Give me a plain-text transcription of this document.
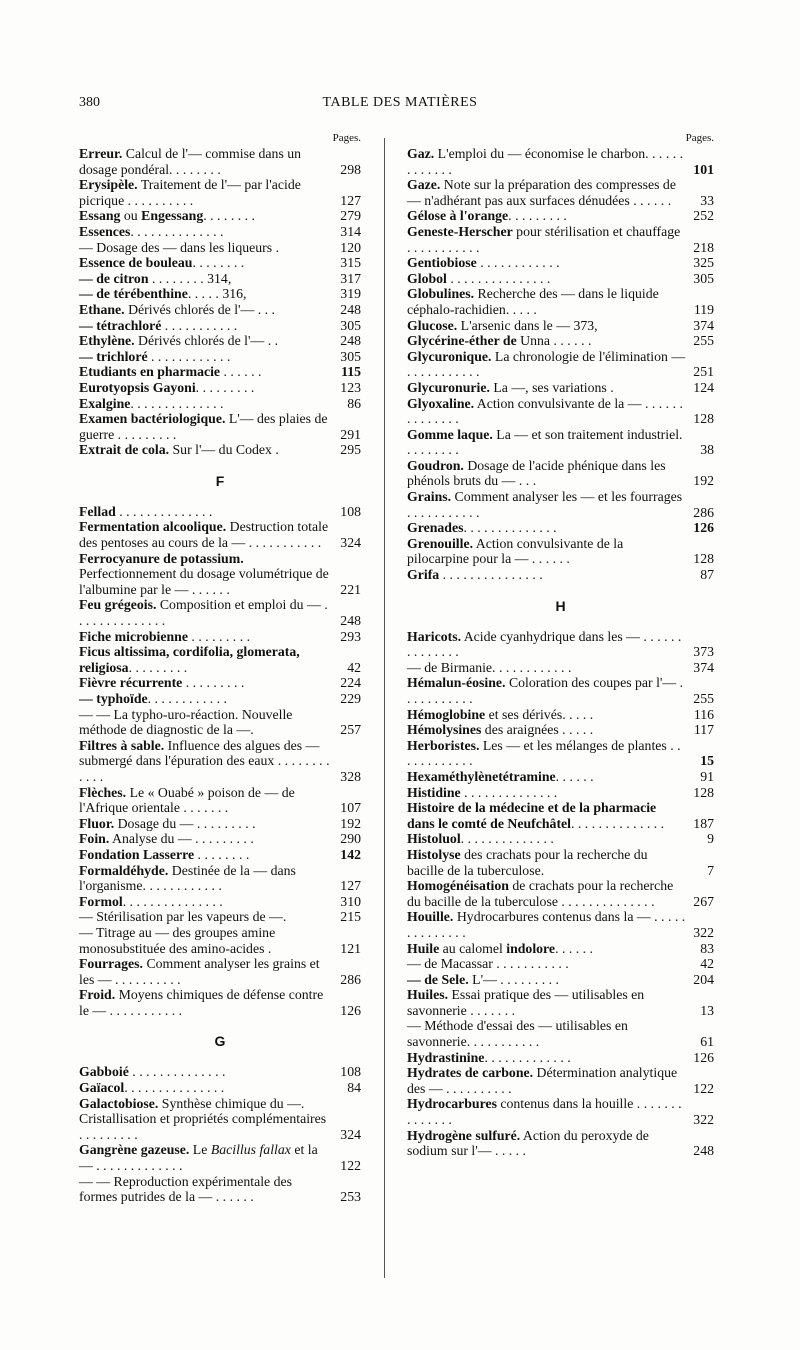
380	TABLE DES MATIÈRES
Pages.
Erreur. Calcul de l'— commise dans un dosage pondéral. . . . . . . .	298
Erysipèle. Traitement de l'— par l'acide picrique . . . . . . . . . .	127
Essang ou Engessang. . . . . . . .	279
Essences. . . . . . . . . . . . . .	314
— Dosage des — dans les liqueurs .	120
Essence de bouleau. . . . . . . .	315
— de citron . . . . . . . . 314,	317
— de térébenthine. . . . . 316,	319
Ethane. Dérivés chlorés de l'— . . .	248
— tétrachloré . . . . . . . . . . .	305
Ethylène. Dérivés chlorés de l'— . .	248
— trichloré . . . . . . . . . . . .	305
Etudiants en pharmacie . . . . . .	115
Eurotyopsis Gayoni. . . . . . . . .	123
Exalgine. . . . . . . . . . . . . .	86
Examen bactériologique. L'— des plaies de guerre . . . . . . . . .	291
Extrait de cola. Sur l'— du Codex .	295
F
Fellad . . . . . . . . . . . . . .	108
Fermentation alcoolique. Destruction totale des pentoses au cours de la — . . . . . . . . . . .	324
Ferrocyanure de potassium. Perfectionnement du dosage volumétrique de l'albumine par le — . . . . . .	221
Feu grégeois. Composition et emploi du — . . . . . . . . . . . . . .	248
Fiche microbienne . . . . . . . . .	293
Ficus altissima, cordifolia, glomerata, religiosa. . . . . . . . .	42
Fièvre récurrente . . . . . . . . .	224
— typhoïde. . . . . . . . . . . .	229
— — La typho-uro-réaction. Nouvelle méthode de diagnostic de la —.	257
Filtres à sable. Influence des algues des — submergé dans l'épuration des eaux . . . . . . . . . . . .	328
Flèches. Le « Ouabé » poison de — de l'Afrique orientale . . . . . . .	107
Fluor. Dosage du — . . . . . . . . .	192
Foin. Analyse du — . . . . . . . . .	290
Fondation Lasserre . . . . . . . .	142
Formaldéhyde. Destinée de la — dans l'organisme. . . . . . . . . . . .	127
Formol. . . . . . . . . . . . . . .	310
— Stérilisation par les vapeurs de —.	215
— Titrage au — des groupes amine monosubstituée des amino-acides .	121
Fourrages. Comment analyser les grains et les — . . . . . . . . . .	286
Froid. Moyens chimiques de défense contre le — . . . . . . . . . . .	126
G
Gabboié . . . . . . . . . . . . . .	108
Gaïacol. . . . . . . . . . . . . . .	84
Galactobiose. Synthèse chimique du —. Cristallisation et propriétés complémentaires . . . . . . . . .	324
Gangrène gazeuse. Le Bacillus fallax et la — . . . . . . . . . . . . .	122
— — Reproduction expérimentale des formes putrides de la — . . . . . .	253
Pages.
Gaz. L'emploi du — économise le charbon. . . . . . . . . . . . .	101
Gaze. Note sur la préparation des compresses de — n'adhérant pas aux surfaces dénudées . . . . . .	33
Gélose à l'orange. . . . . . . . .	252
Geneste-Herscher pour stérilisation et chauffage . . . . . . . . . . .	218
Gentiobiose . . . . . . . . . . . .	325
Globol . . . . . . . . . . . . . . .	305
Globulines. Recherche des — dans le liquide céphalo-rachidien. . . . .	119
Glucose. L'arsenic dans le — 373,	374
Glycérine-éther de Unna . . . . . .	255
Glycuronique. La chronologie de l'élimination — . . . . . . . . . . .	251
Glycuronurie. La —, ses variations .	124
Glyoxaline. Action convulsivante de la — . . . . . . . . . . . . . .	128
Gomme laque. La — et son traitement industriel. . . . . . . . .	38
Goudron. Dosage de l'acide phénique dans les phénols bruts du — . . .	192
Grains. Comment analyser les — et les fourrages . . . . . . . . . . .	286
Grenades. . . . . . . . . . . . . .	126
Grenouille. Action convulsivante de la pilocarpine pour la — . . . . . .	128
Grifa . . . . . . . . . . . . . . .	87
H
Haricots. Acide cyanhydrique dans les — . . . . . . . . . . . . . .	373
— de Birmanie. . . . . . . . . . . .	374
Hémalun-éosine. Coloration des coupes par l'— . . . . . . . . . . .	255
Hémoglobine et ses dérivés. . . . .	116
Hémolysines des araignées . . . . .	117
Herboristes. Les — et les mélanges de plantes . . . . . . . . . . . .	15
Hexaméthylènetétramine. . . . . .	91
Histidine . . . . . . . . . . . . . .	128
Histoire de la médecine et de la pharmacie dans le comté de Neufchâtel. . . . . . . . . . . . . .	187
Histoluol. . . . . . . . . . . . . .	9
Histolyse des crachats pour la recherche du bacille de la tuberculose.	7
Homogénéisation de crachats pour la recherche du bacille de la tuberculose . . . . . . . . . . . . . .	267
Houille. Hydrocarbures contenus dans la — . . . . . . . . . . . . . .	322
Huile au calomel indolore. . . . . .	83
— de Macassar . . . . . . . . . . .	42
— de Sele. L'— . . . . . . . . .	204
Huiles. Essai pratique des — utilisables en savonnerie . . . . . . .	13
— Méthode d'essai des — utilisables en savonnerie. . . . . . . . . . .	61
Hydrastinine. . . . . . . . . . . . .	126
Hydrates de carbone. Détermination analytique des — . . . . . . . . . .	122
Hydrocarbures contenus dans la houille . . . . . . . . . . . . . .	322
Hydrogène sulfuré. Action du peroxyde de sodium sur l'— . . . . .	248
